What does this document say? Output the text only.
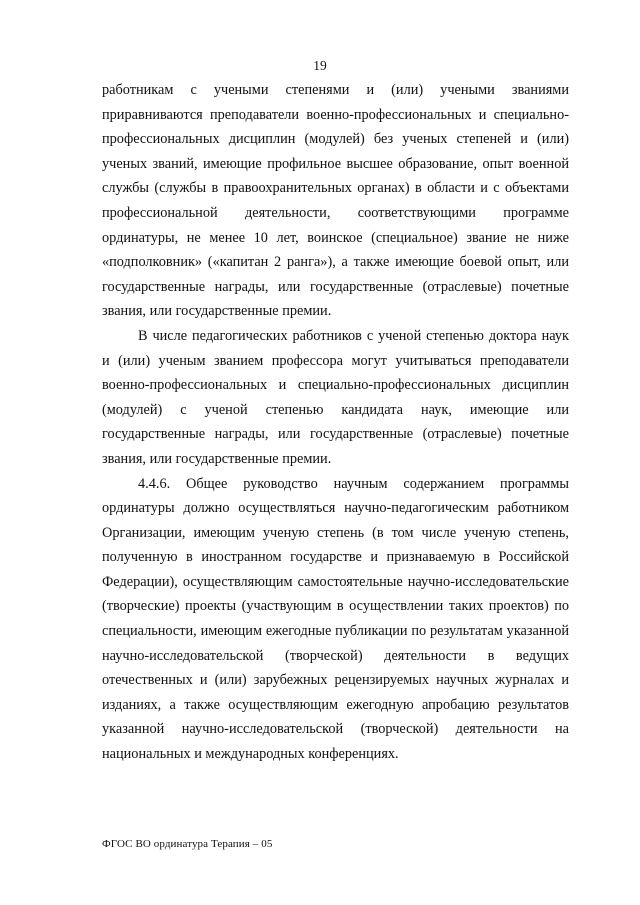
19

работникам с учеными степенями и (или) учеными званиями приравниваются преподаватели военно-профессиональных и специально-профессиональных дисциплин (модулей) без ученых степеней и (или) ученых званий, имеющие профильное высшее образование, опыт военной службы (службы в правоохранительных органах) в области и с объектами профессиональной деятельности, соответствующими программе ординатуры, не менее 10 лет, воинское (специальное) звание не ниже «подполковник» («капитан 2 ранга»), а также имеющие боевой опыт, или государственные награды, или государственные (отраслевые) почетные звания, или государственные премии.

В числе педагогических работников с ученой степенью доктора наук и (или) ученым званием профессора могут учитываться преподаватели военно-профессиональных и специально-профессиональных дисциплин (модулей) с ученой степенью кандидата наук, имеющие или государственные награды, или государственные (отраслевые) почетные звания, или государственные премии.

4.4.6. Общее руководство научным содержанием программы ординатуры должно осуществляться научно-педагогическим работником Организации, имеющим ученую степень (в том числе ученую степень, полученную в иностранном государстве и признаваемую в Российской Федерации), осуществляющим самостоятельные научно-исследовательские (творческие) проекты (участвующим в осуществлении таких проектов) по специальности, имеющим ежегодные публикации по результатам указанной научно-исследовательской (творческой) деятельности в ведущих отечественных и (или) зарубежных рецензируемых научных журналах и изданиях, а также осуществляющим ежегодную апробацию результатов указанной научно-исследовательской (творческой) деятельности на национальных и международных конференциях.

ФГОС ВО ординатура Терапия – 05
